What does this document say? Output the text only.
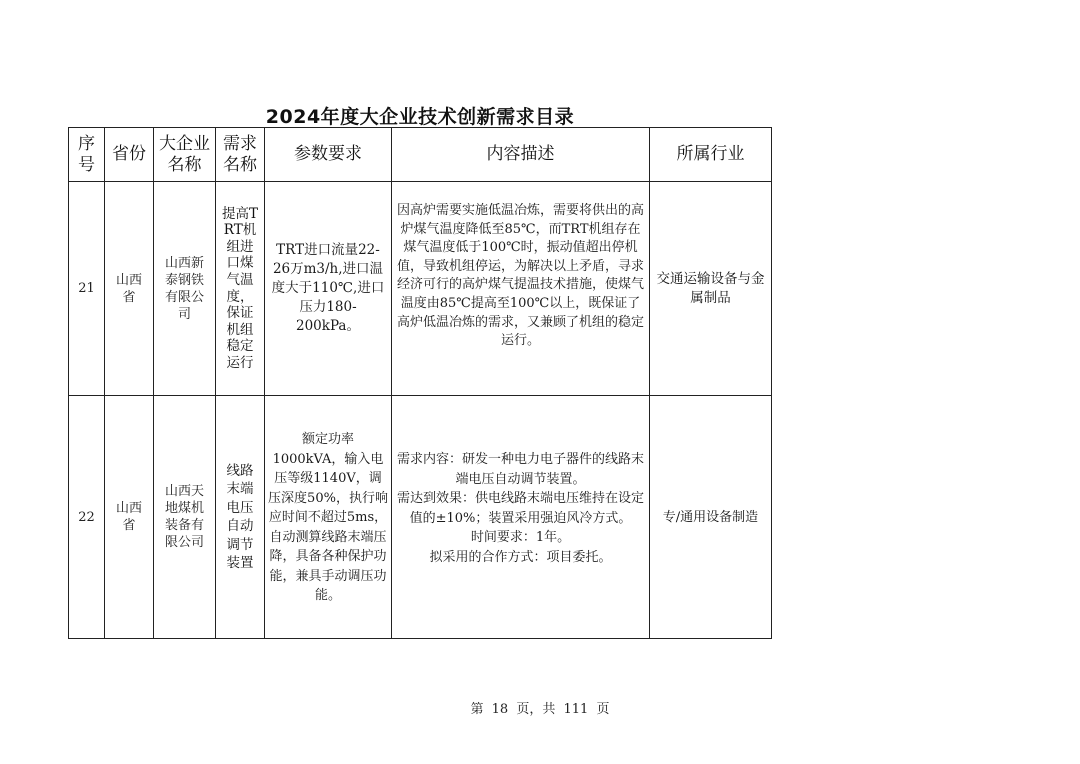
2024年度大企业技术创新需求目录
序号	省份	大企业名称	需求名称	参数要求	内容描述	所属行业
21	山西省	山西新泰钢铁有限公司	提高TRT机组进口煤气温度，保证机组稳定运行	TRT进口流量22-26万m3/h,进口温度大于110℃,进口压力180-200kPa。	因高炉需要实施低温冶炼，需要将供出的高炉煤气温度降低至85℃，而TRT机组存在煤气温度低于100℃时，振动值超出停机值，导致机组停运，为解决以上矛盾，寻求经济可行的高炉煤气提温技术措施，使煤气温度由85℃提高至100℃以上，既保证了高炉低温冶炼的需求，又兼顾了机组的稳定运行。	交通运输设备与金属制品
22	山西省	山西天地煤机装备有限公司	线路末端电压自动调节装置	额定功率1000kVA，输入电压等级1140V，调压深度50%，执行响应时间不超过5ms，自动测算线路末端压降，具备各种保护功能，兼具手动调压功能。	需求内容：研发一种电力电子器件的线路末端电压自动调节装置。
需达到效果：供电线路末端电压维持在设定值的±10%；装置采用强迫风冷方式。
时间要求：1年。
拟采用的合作方式：项目委托。	专/通用设备制造
第 18 页，共 111 页
